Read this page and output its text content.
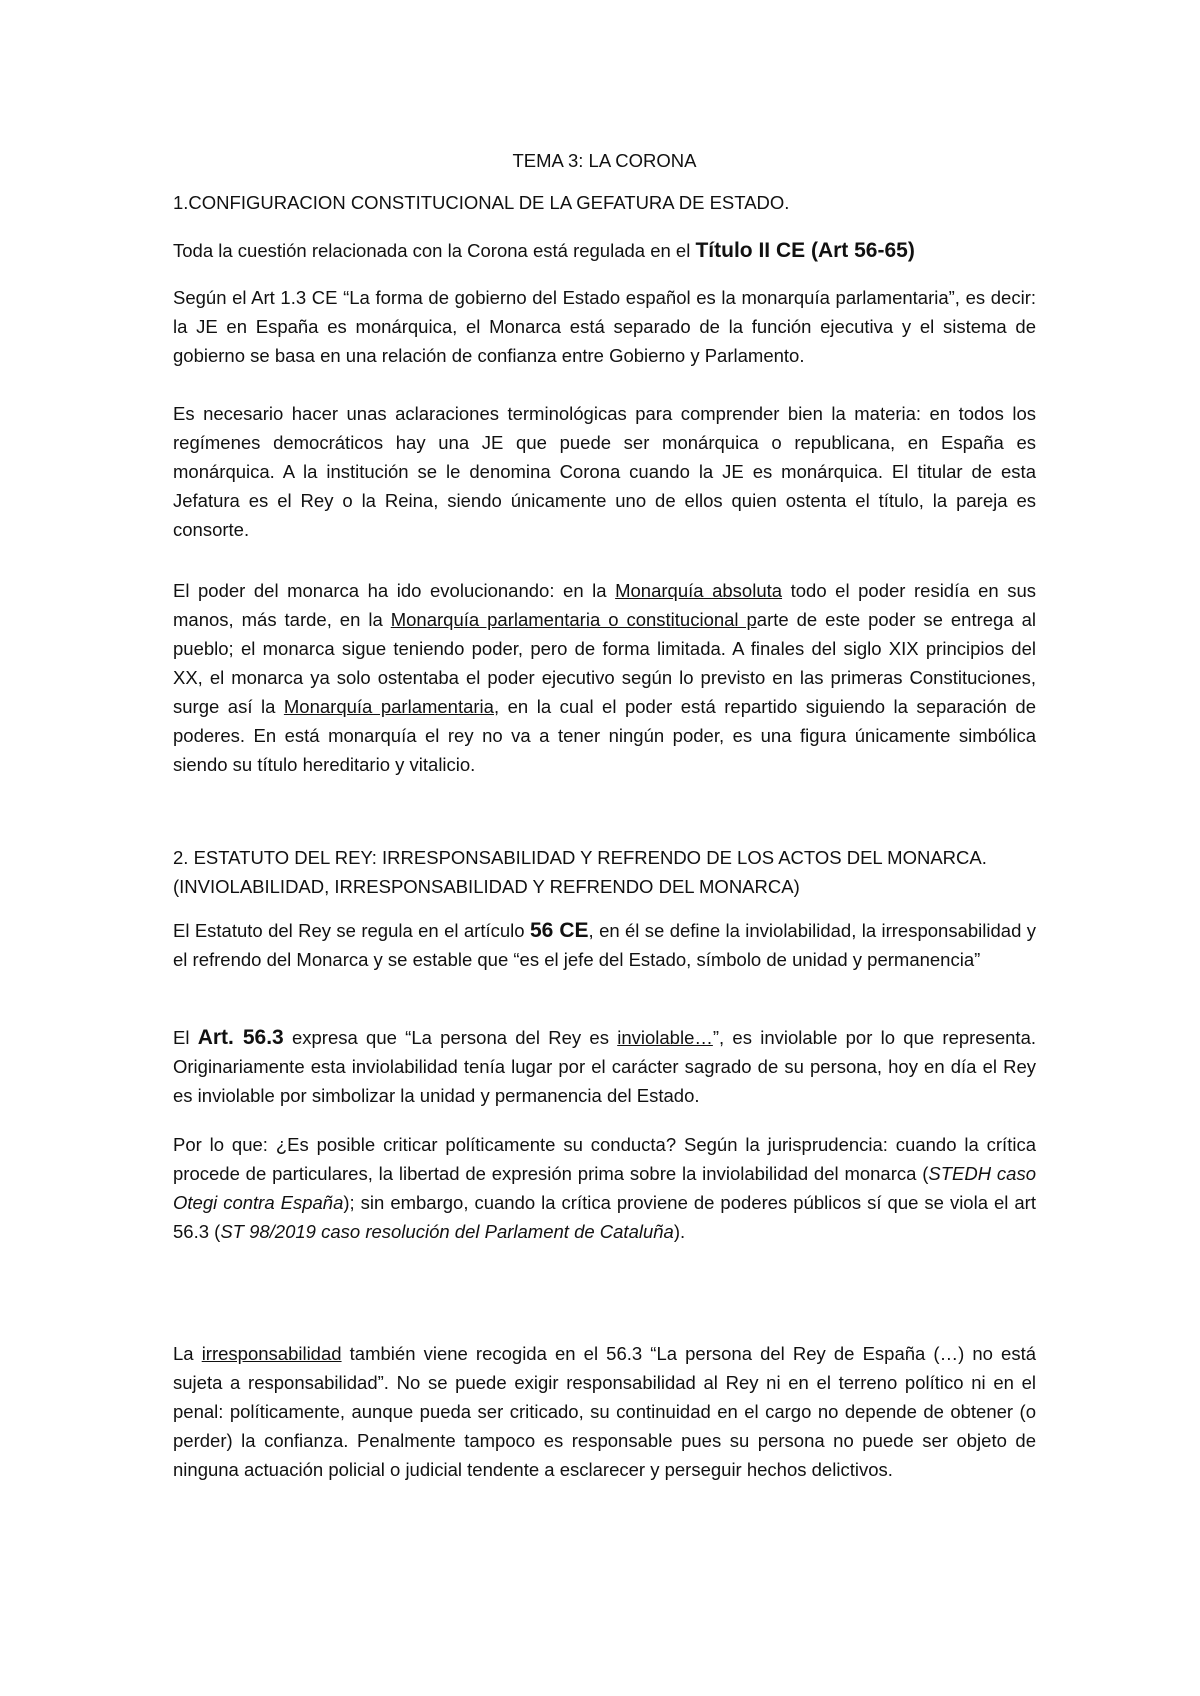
TEMA 3: LA CORONA

1.CONFIGURACION CONSTITUCIONAL DE LA GEFATURA DE ESTADO.

Toda la cuestión relacionada con la Corona está regulada en el Título II CE (Art 56-65)

Según el Art 1.3 CE “La forma de gobierno del Estado español es la monarquía parlamentaria”, es decir: la JE en España es monárquica, el Monarca está separado de la función ejecutiva y el sistema de gobierno se basa en una relación de confianza entre Gobierno y Parlamento.

Es necesario hacer unas aclaraciones terminológicas para comprender bien la materia: en todos los regímenes democráticos hay una JE que puede ser monárquica o republicana, en España es monárquica. A la institución se le denomina Corona cuando la JE es monárquica. El titular de esta Jefatura es el Rey o la Reina, siendo únicamente uno de ellos quien ostenta el título, la pareja es consorte.

El poder del monarca ha ido evolucionando: en la Monarquía absoluta todo el poder residía en sus manos, más tarde, en la Monarquía parlamentaria o constitucional parte de este poder se entrega al pueblo; el monarca sigue teniendo poder, pero de forma limitada. A finales del siglo XIX principios del XX, el monarca ya solo ostentaba el poder ejecutivo según lo previsto en las primeras Constituciones, surge así la Monarquía parlamentaria, en la cual el poder está repartido siguiendo la separación de poderes. En está monarquía el rey no va a tener ningún poder, es una figura únicamente simbólica siendo su título hereditario y vitalicio.

2. ESTATUTO DEL REY: IRRESPONSABILIDAD Y REFRENDO DE LOS ACTOS DEL MONARCA.
(INVIOLABILIDAD, IRRESPONSABILIDAD Y REFRENDO DEL MONARCA)

El Estatuto del Rey se regula en el artículo 56 CE, en él se define la inviolabilidad, la irresponsabilidad y el refrendo del Monarca y se estable que “es el jefe del Estado, símbolo de unidad y permanencia”

El Art. 56.3 expresa que “La persona del Rey es inviolable…”, es inviolable por lo que representa. Originariamente esta inviolabilidad tenía lugar por el carácter sagrado de su persona, hoy en día el Rey es inviolable por simbolizar la unidad y permanencia del Estado.

Por lo que: ¿Es posible criticar políticamente su conducta? Según la jurisprudencia: cuando la crítica procede de particulares, la libertad de expresión prima sobre la inviolabilidad del monarca (STEDH caso Otegi contra España); sin embargo, cuando la crítica proviene de poderes públicos sí que se viola el art 56.3 (ST 98/2019 caso resolución del Parlament de Cataluña).

La irresponsabilidad también viene recogida en el 56.3 “La persona del Rey de España (…) no está sujeta a responsabilidad”. No se puede exigir responsabilidad al Rey ni en el terreno político ni en el penal: políticamente, aunque pueda ser criticado, su continuidad en el cargo no depende de obtener (o perder) la confianza. Penalmente tampoco es responsable pues su persona no puede ser objeto de ninguna actuación policial o judicial tendente a esclarecer y perseguir hechos delictivos.
